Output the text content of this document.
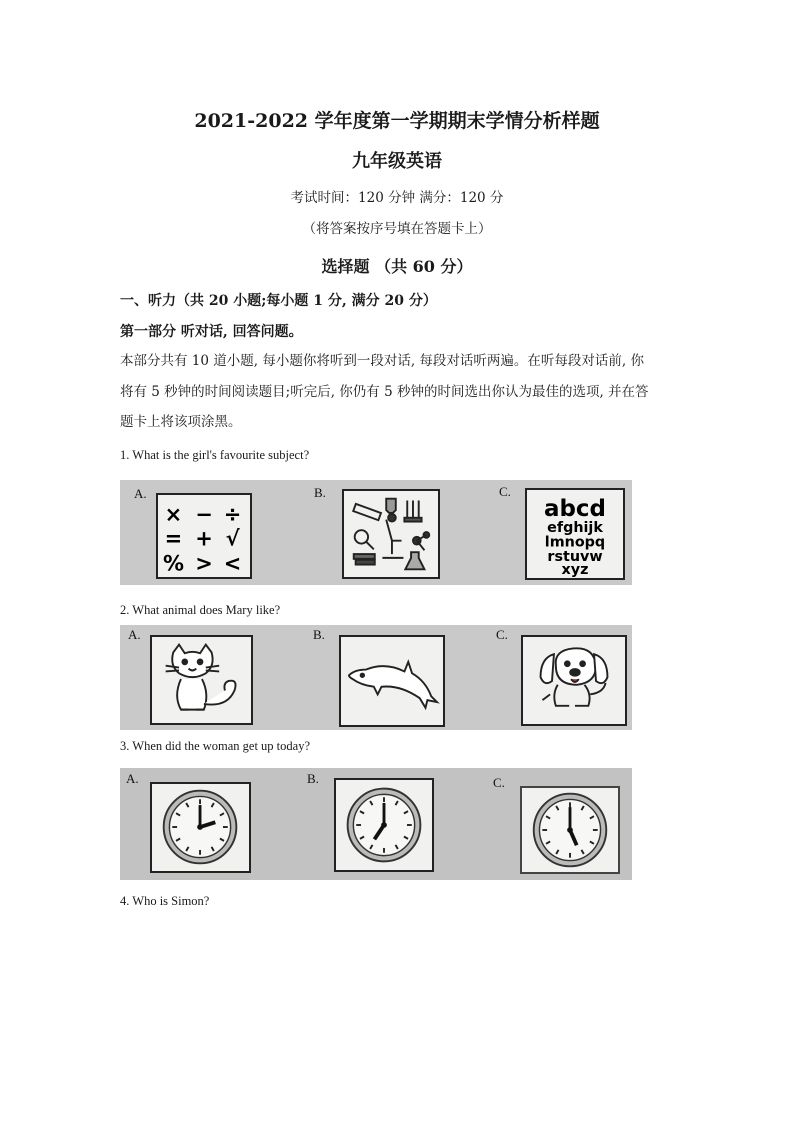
2021-2022 学年度第一学期期末学情分析样题
九年级英语
考试时间：120 分钟 满分：120 分
（将答案按序号填在答题卡上）
选择题 （共 60 分）
一、听力（共 20 小题;每小题 1 分, 满分 20 分）
第一部分 听对话, 回答问题。
本部分共有 10 道小题, 每小题你将听到一段对话, 每段对话听两遍。在听每段对话前, 你
将有 5 秒钟的时间阅读题目;听完后, 你仍有 5 秒钟的时间选出你认为最佳的选项, 并在答
题卡上将该项涂黑。
1. What is the girl's favourite subject?
A.	B.	C.
× − ÷
= + √
% > <
abcd
efghijk
lmnopq
rstuvw
xyz
2. What animal does Mary like?
A.	B.	C.
3. When did the woman get up today?
A.	B.	C.
4. Who is Simon?
